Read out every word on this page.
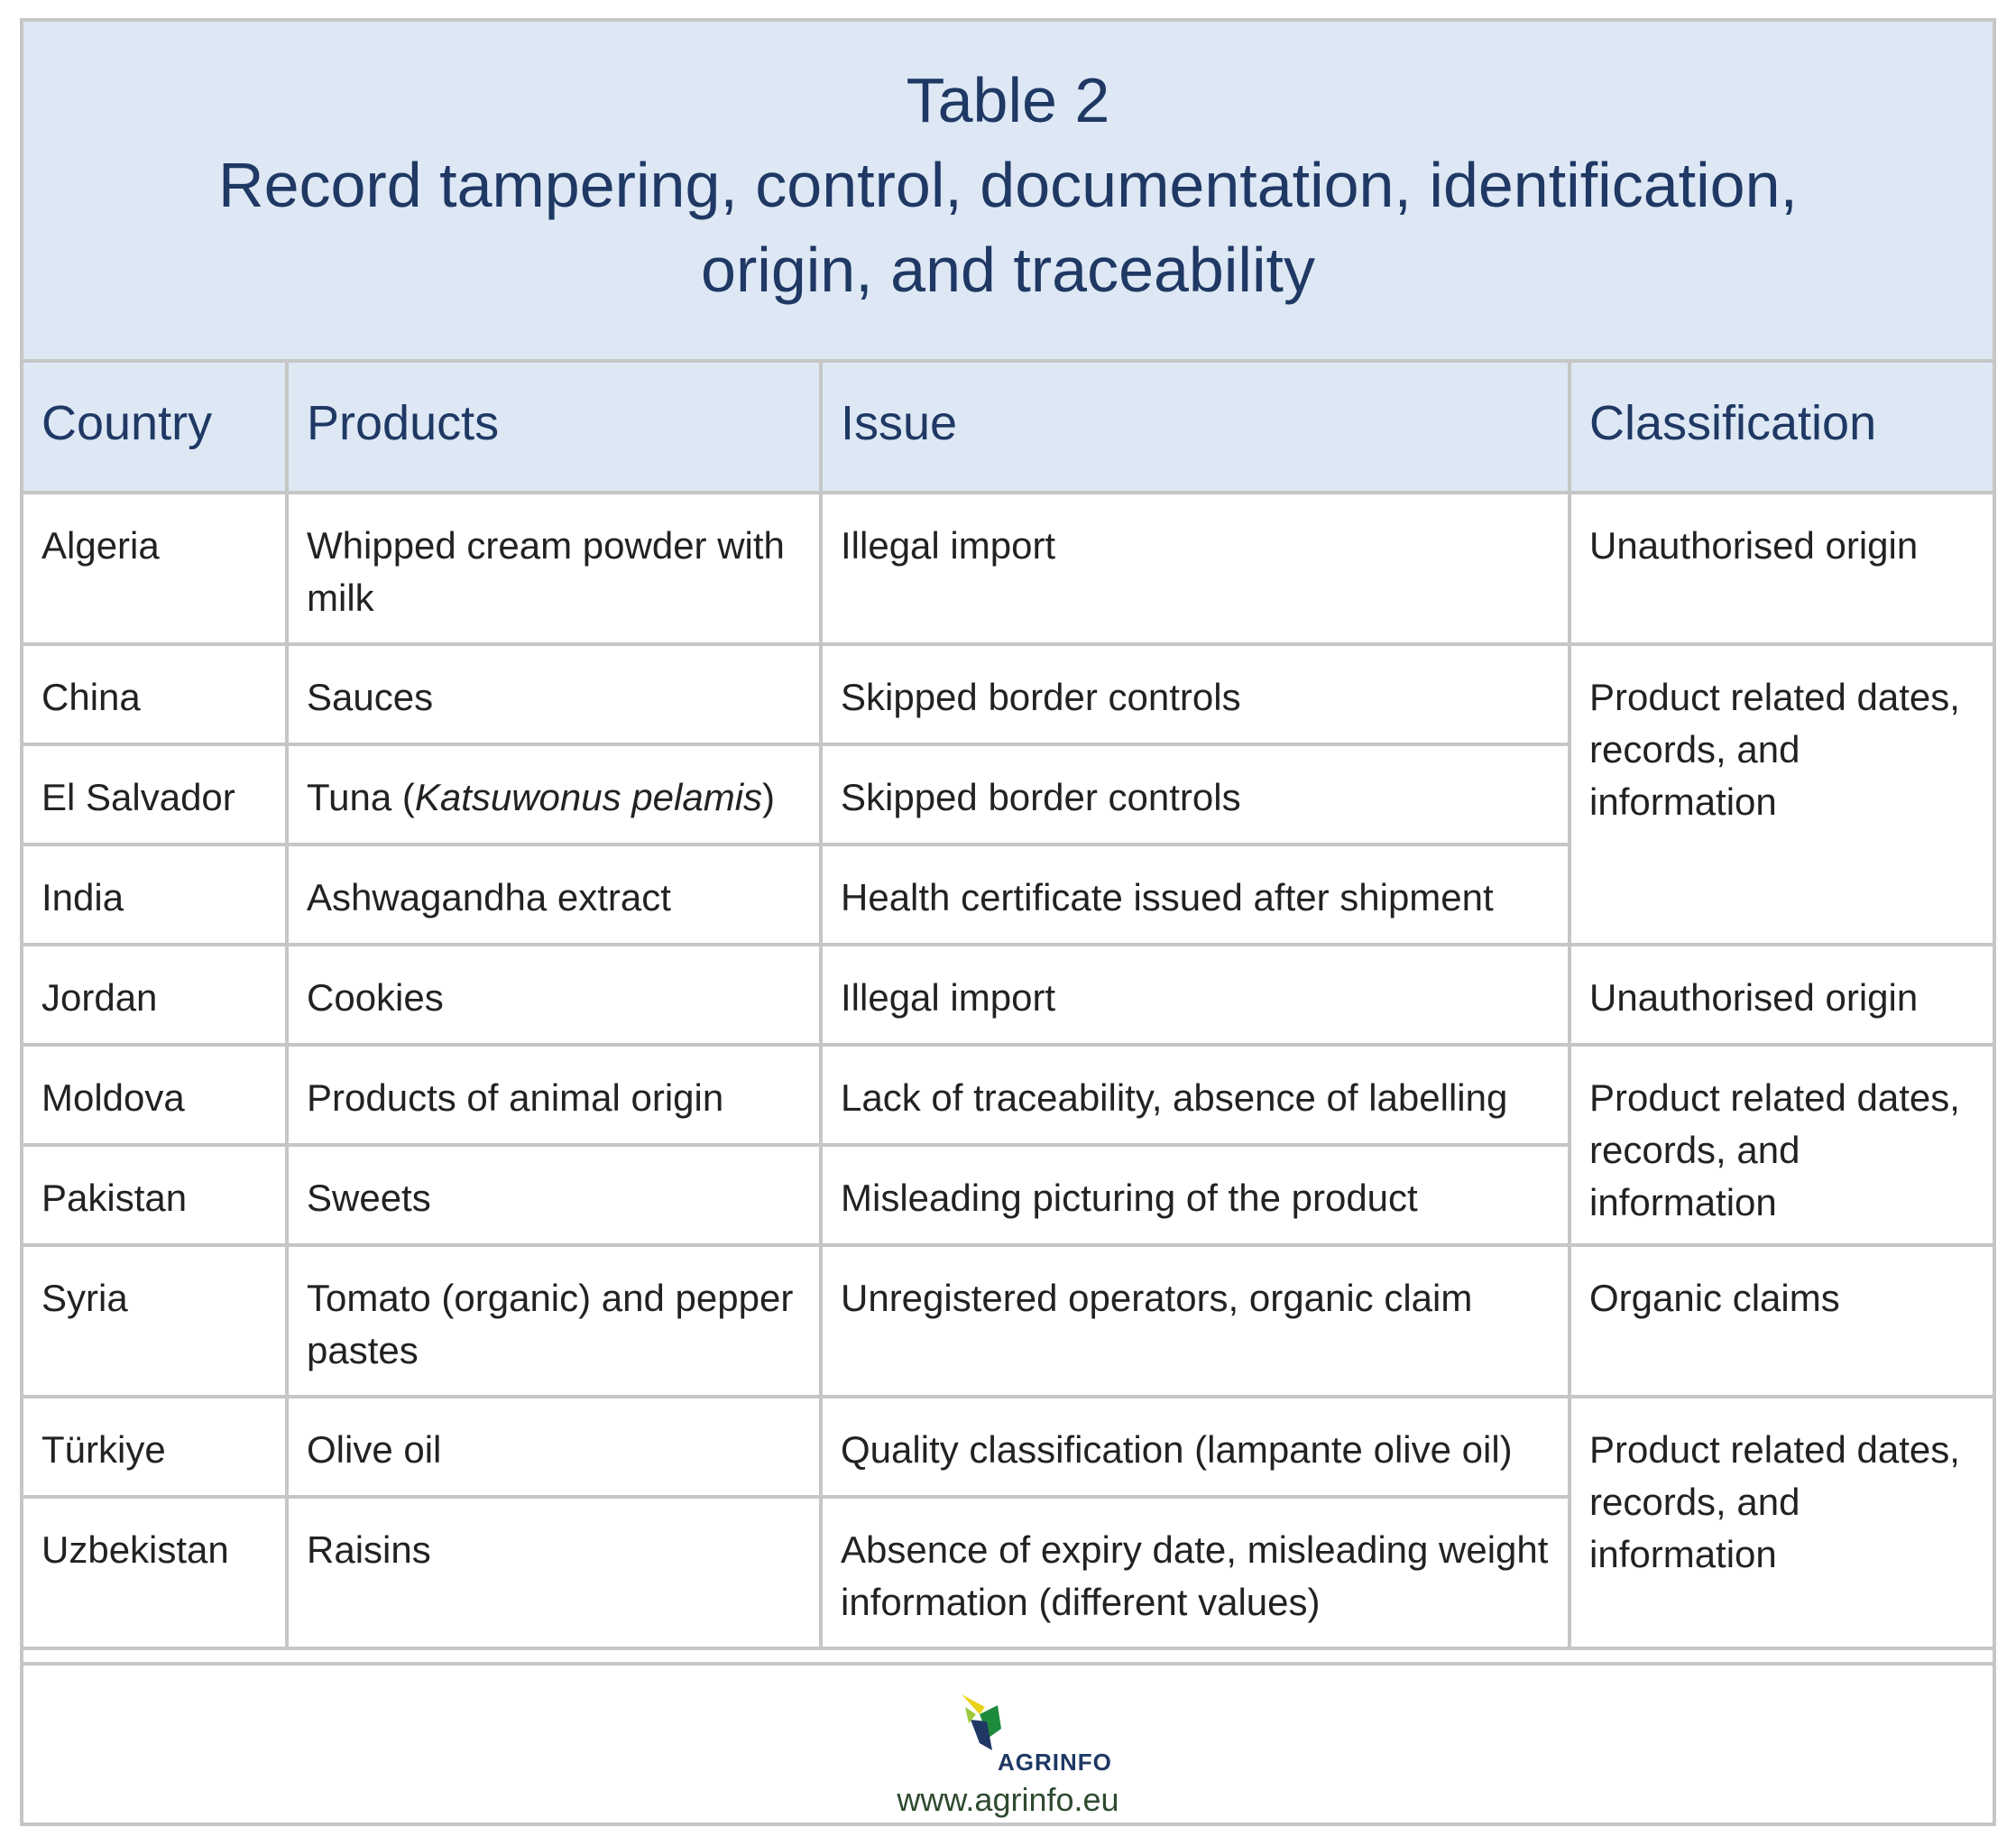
Table 2
Record tampering, control, documentation, identification,
origin, and traceability
Country	Products	Issue	Classification
Algeria	Whipped cream powder with milk	Illegal import	Unauthorised origin
China	Sauces	Skipped border controls	Product related dates, records, and information
El Salvador	Tuna (Katsuwonus pelamis)	Skipped border controls	
India	Ashwagandha extract	Health certificate issued after shipment	
Jordan	Cookies	Illegal import	Unauthorised origin
Moldova	Products of animal origin	Lack of traceability, absence of labelling	Product related dates, records, and information
Pakistan	Sweets	Misleading picturing of the product	
Syria	Tomato (organic) and pepper pastes	Unregistered operators, organic claim	Organic claims
Türkiye	Olive oil	Quality classification (lampante olive oil)	Product related dates, records, and information
Uzbekistan	Raisins	Absence of expiry date, misleading weight information (different values)	
AGRINFO
www.agrinfo.eu
